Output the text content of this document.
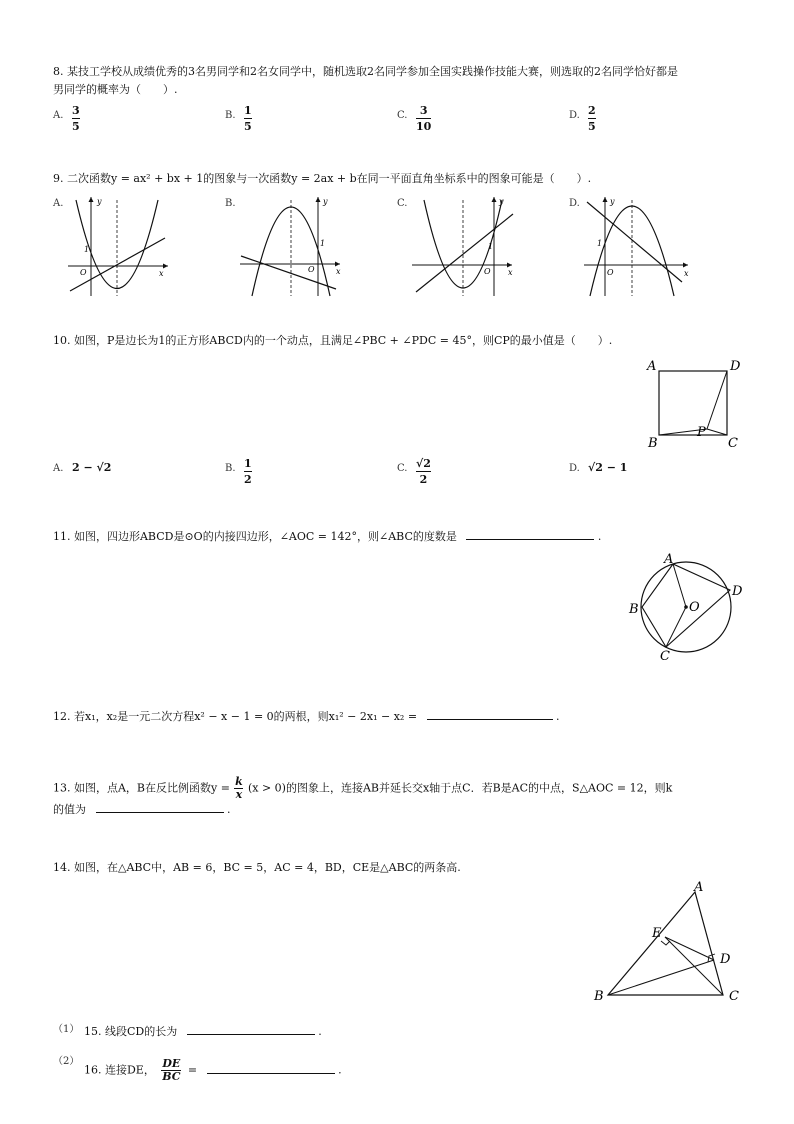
8. 某技工学校从成绩优秀的3名男同学和2名女同学中，随机选取2名同学参加全国实践操作技能大赛，则选取的2名同学恰好都是
男同学的概率为（　　）.
A. 3
5
B. 1
5
C. 3
10
D. 2
5
9. 二次函数y = ax² + bx + 1的图象与一次函数y = 2ax + b在同一平面直角坐标系中的图象可能是（　　）.
A.	B.	C.	D.
y
x
O
1
y
x
O
1
y
x
O
1
y
x
O
1
10. 如图，P是边长为1的正方形ABCD内的一个动点，且满足∠PBC + ∠PDC = 45°，则CP的最小值是（　　）.
A	D
B	C
P
A. 2 − √2	B. 1
2
C. √2
2
D. √2 − 1
11. 如图，四边形ABCD是⊙O的内接四边形，∠AOC = 142°，则∠ABC的度数是	.
A
B
C
D
O
12. 若x₁，x₂是一元二次方程x² − x − 1 = 0的两根，则x₁² − 2x₁ − x₂ =	.
13. 如图，点A，B在反比例函数$y = \frac{k}{x} (x > 0)$的图象上，连接AB并延长交x轴于点C．若B是AC的中点，S△AOC = 12，则k
的值为	.
14. 如图，在△ABC中，AB = 6，BC = 5，AC = 4，BD，CE是△ABC的两条高.
A
B	C
D
E
（1） 15. 线段CD的长为	.
（2）
16. 连接DE， $\frac{DE}{BC}$ =	.
